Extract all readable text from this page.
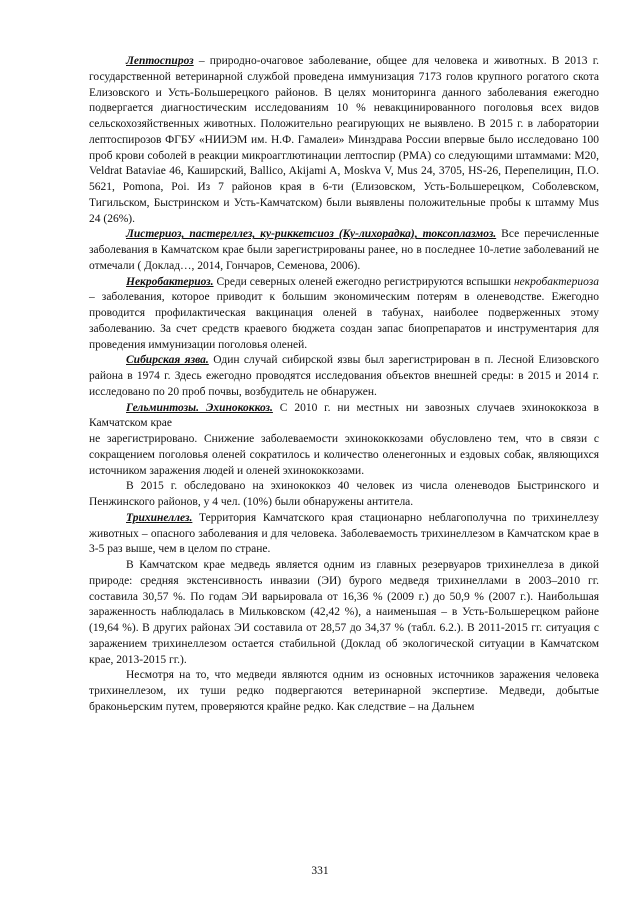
Лептоспироз – природно-очаговое заболевание, общее для человека и животных. В 2013 г. государственной ветеринарной службой проведена иммунизация 7173 голов крупного рогатого скота Елизовского и Усть-Большерецкого районов. В целях мониторинга данного заболевания ежегодно подвергается диагностическим исследованиям 10 % невакцинированного поголовья всех видов сельскохозяйственных животных. Положительно реагирующих не выявлено. В 2015 г. в лаборатории лептоспирозов ФГБУ «НИИЭМ им. Н.Ф. Гамалеи» Минздрава России впервые было исследовано 100 проб крови соболей в реакции микроагглютинации лептоспир (РМА) со следующими штаммами: М20, Veldrat Bataviae 46, Каширский, Ballico, Akijami A, Moskva V, Mus 24, 3705, HS-26, Перепелицин, П.О. 5621, Pomona, Poi. Из 7 районов края в 6-ти (Елизовском, Усть-Большерецком, Соболевском, Тигильском, Быстринском и Усть-Камчатском) были выявлены положительные пробы к штамму Mus 24 (26%).

Листериоз, пастереллез, ку-риккетсиоз (Ку-лихорадка), токсоплазмоз. Все перечисленные заболевания в Камчатском крае были зарегистрированы ранее, но в последнее 10-летие заболеваний не отмечали ( Доклад…, 2014, Гончаров, Семенова, 2006).

Некробактериоз. Среди северных оленей ежегодно регистрируются вспышки некробактериоза – заболевания, которое приводит к большим экономическим потерям в оленеводстве. Ежегодно проводится профилактическая вакцинация оленей в табунах, наиболее подверженных этому заболеванию. За счет средств краевого бюджета создан запас биопрепаратов и инструментария для проведения иммунизации поголовья оленей.

Сибирская язва. Один случай сибирской язвы был зарегистрирован в п. Лесной Елизовского района в 1974 г. Здесь ежегодно проводятся исследования объектов внешней среды: в 2015 и 2014 г. исследовано по 20 проб почвы, возбудитель не обнаружен.

Гельминтозы. Эхинококкоз. С 2010 г. ни местных ни завозных случаев эхинококкоза в Камчатском крае

не зарегистрировано. Снижение заболеваемости эхинококкозами обусловлено тем, что в связи с сокращением поголовья оленей сократилось и количество оленегонных и ездовых собак, являющихся источником заражения людей и оленей эхинококкозами.

В 2015 г. обследовано на эхинококкоз 40 человек из числа оленеводов Быстринского и Пенжинского районов, у 4 чел. (10%) были обнаружены антитела.

Трихинеллез. Территория Камчатского края стационарно неблагополучна по трихинеллезу животных – опасного заболевания и для человека. Заболеваемость трихинеллезом в Камчатском крае в 3-5 раз выше, чем в целом по стране.

В Камчатском крае медведь является одним из главных резервуаров трихинеллеза в дикой природе: средняя экстенсивность инвазии (ЭИ) бурого медведя трихинеллами в 2003–2010 гг. составила 30,57 %. По годам ЭИ варьировала от 16,36 % (2009 г.) до 50,9 % (2007 г.). Наибольшая зараженность наблюдалась в Мильковском (42,42 %), а наименьшая – в Усть-Большерецком районе (19,64 %). В других районах ЭИ составила от 28,57 до 34,37 % (табл. 6.2.). В 2011-2015 гг. ситуация с заражением трихинеллезом остается стабильной (Доклад об экологической ситуации в Камчатском крае, 2013-2015 гг.).

Несмотря на то, что медведи являются одним из основных источников заражения человека трихинеллезом, их туши редко подвергаются ветеринарной экспертизе. Медведи, добытые браконьерским путем, проверяются крайне редко. Как следствие – на Дальнем

331
